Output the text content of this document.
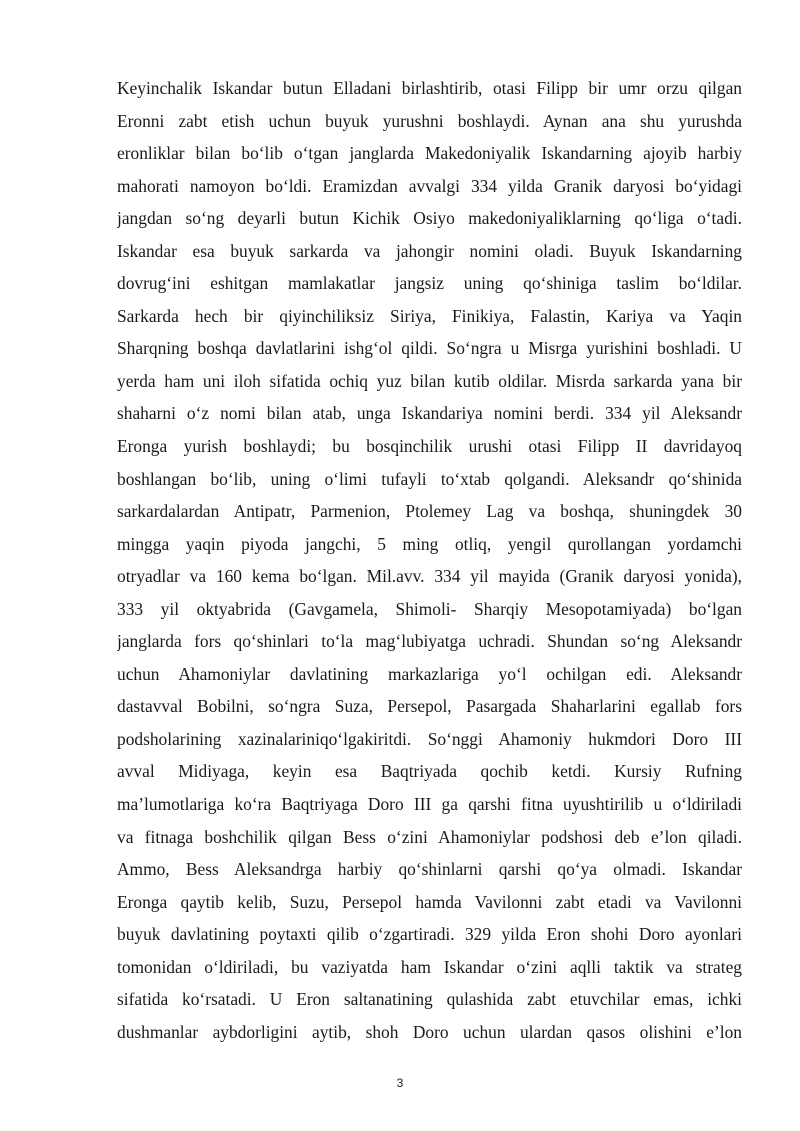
Keyinchalik Iskandar butun Elladani birlashtirib, otasi Filipp bir umr orzu qilgan
Eronni zabt etish uchun buyuk yurushni boshlaydi. Aynan ana shu yurushda
eronliklar bilan bo‘lib o‘tgan janglarda Makedoniyalik Iskandarning ajoyib harbiy
mahorati namoyon bo‘ldi. Eramizdan avvalgi 334 yilda Granik daryosi bo‘yidagi
jangdan so‘ng deyarli butun Kichik Osiyo makedoniyaliklarning qo‘liga o‘tadi.
Iskandar esa buyuk sarkarda va jahongir nomini oladi. Buyuk Iskandarning
dovrug‘ini eshitgan mamlakatlar jangsiz uning qo‘shiniga taslim bo‘ldilar.
Sarkarda hech bir qiyinchiliksiz Siriya, Finikiya, Falastin, Kariya va Yaqin
Sharqning boshqa davlatlarini ishg‘ol qildi. So‘ngra u Misrga yurishini boshladi. U
yerda ham uni iloh sifatida ochiq yuz bilan kutib oldilar. Misrda sarkarda yana bir
shaharni o‘z nomi bilan atab, unga Iskandariya nomini berdi. 334 yil Aleksandr
Eronga yurish boshlaydi; bu bosqinchilik urushi otasi Filipp II davridayoq
boshlangan bo‘lib, uning o‘limi tufayli to‘xtab qolgandi. Aleksandr qo‘shinida
sarkardalardan Antipatr, Parmenion, Ptolemey Lag va boshqa, shuningdek 30
mingga yaqin piyoda jangchi, 5 ming otliq, yengil qurollangan yordamchi
otryadlar va 160 kema bo‘lgan. Mil.avv. 334 yil mayida (Granik daryosi yonida),
333 yil oktyabrida (Gavgamela, Shimoli- Sharqiy Mesopotamiyada) bo‘lgan
janglarda fors qo‘shinlari to‘la mag‘lubiyatga uchradi. Shundan so‘ng Aleksandr
uchun Ahamoniylar davlatining markazlariga yo‘l ochilgan edi. Aleksandr
dastavval Bobilni, so‘ngra Suza, Persepol, Pasargada Shaharlarini egallab fors
podsholarining xazinalariniqo‘lgakiritdi. So‘nggi Ahamoniy hukmdori Doro III
avval Midiyaga, keyin esa Baqtriyada qochib ketdi. Kursiy Rufning
ma’lumotlariga ko‘ra Baqtriyaga Doro III ga qarshi fitna uyushtirilib u o‘ldiriladi
va fitnaga boshchilik qilgan Bess o‘zini Ahamoniylar podshosi deb e’lon qiladi.
Ammo, Bess Aleksandrga harbiy qo‘shinlarni qarshi qo‘ya olmadi. Iskandar
Eronga qaytib kelib, Suzu, Persepol hamda Vavilonni zabt etadi va Vavilonni
buyuk davlatining poytaxti qilib o‘zgartiradi. 329 yilda Eron shohi Doro ayonlari
tomonidan o‘ldiriladi, bu vaziyatda ham Iskandar o‘zini aqlli taktik va strateg
sifatida ko‘rsatadi. U Eron saltanatining qulashida zabt etuvchilar emas, ichki
dushmanlar aybdorligini aytib, shoh Doro uchun ulardan qasos olishini e’lon
3
